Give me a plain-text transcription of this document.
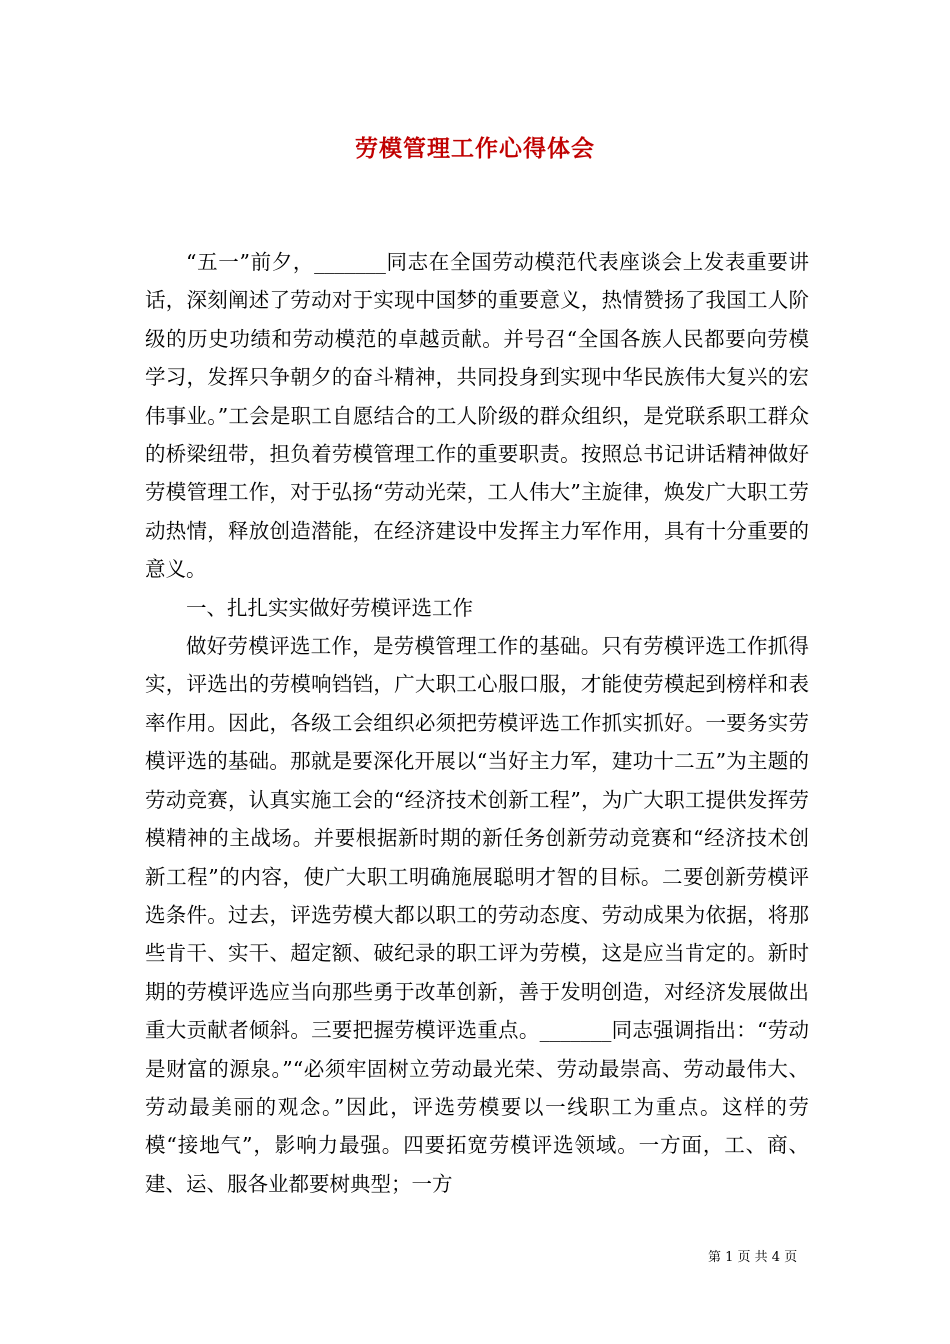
劳模管理工作心得体会

“五一”前夕，_______同志在全国劳动模范代表座谈会上发表重要讲话，深刻阐述了劳动对于实现中国梦的重要意义，热情赞扬了我国工人阶级的历史功绩和劳动模范的卓越贡献。并号召“全国各族人民都要向劳模学习，发挥只争朝夕的奋斗精神，共同投身到实现中华民族伟大复兴的宏伟事业。”工会是职工自愿结合的工人阶级的群众组织，是党联系职工群众的桥梁纽带，担负着劳模管理工作的重要职责。按照总书记讲话精神做好劳模管理工作，对于弘扬“劳动光荣，工人伟大”主旋律，焕发广大职工劳动热情，释放创造潜能，在经济建设中发挥主力军作用，具有十分重要的意义。

一、扎扎实实做好劳模评选工作

做好劳模评选工作，是劳模管理工作的基础。只有劳模评选工作抓得实，评选出的劳模响铛铛，广大职工心服口服，才能使劳模起到榜样和表率作用。因此，各级工会组织必须把劳模评选工作抓实抓好。一要务实劳模评选的基础。那就是要深化开展以“当好主力军，建功十二五”为主题的劳动竞赛，认真实施工会的“经济技术创新工程”，为广大职工提供发挥劳模精神的主战场。并要根据新时期的新任务创新劳动竞赛和“经济技术创新工程”的内容，使广大职工明确施展聪明才智的目标。二要创新劳模评选条件。过去，评选劳模大都以职工的劳动态度、劳动成果为依据，将那些肯干、实干、超定额、破纪录的职工评为劳模，这是应当肯定的。新时期的劳模评选应当向那些勇于改革创新，善于发明创造，对经济发展做出重大贡献者倾斜。三要把握劳模评选重点。_______同志强调指出：“劳动是财富的源泉。”“必须牢固树立劳动最光荣、劳动最崇高、劳动最伟大、劳动最美丽的观念。”因此，评选劳模要以一线职工为重点。这样的劳模“接地气”，影响力最强。四要拓宽劳模评选领域。一方面，工、商、建、运、服各业都要树典型；一方

第 1 页 共 4 页
